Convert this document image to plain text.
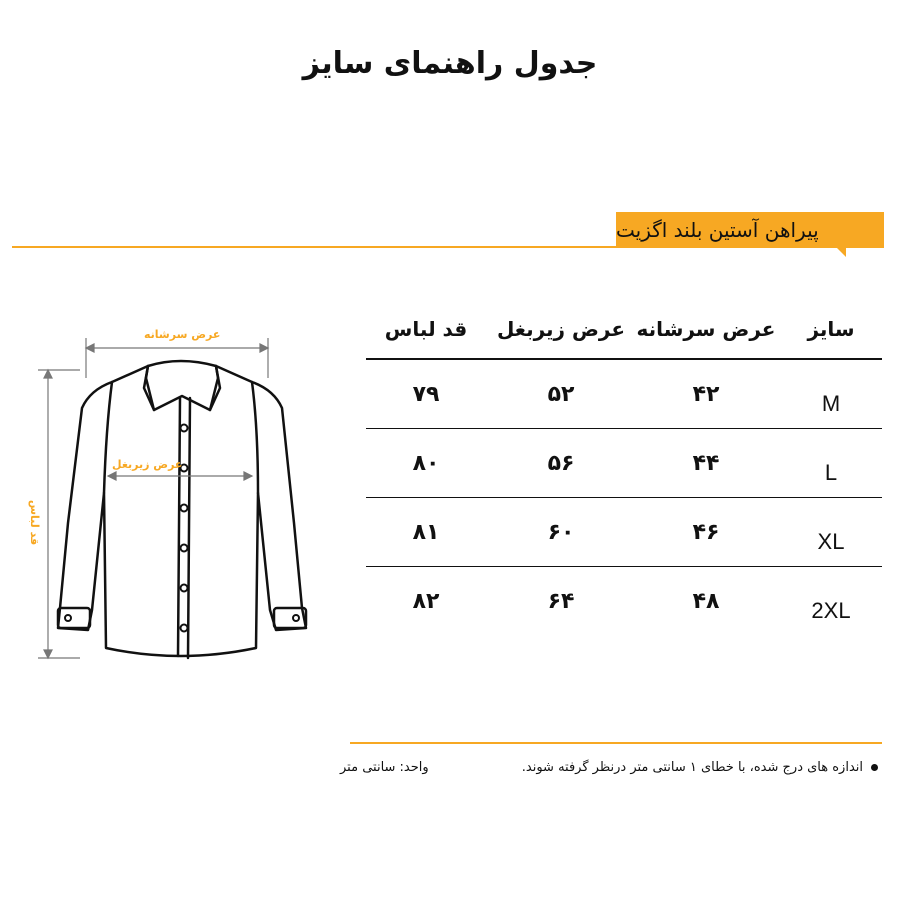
جدول راهنمای سایز
پیراهن آستین بلند اگزیت
عرض سرشانه
عرض زیربغل
قد لباس
سایز
عرض سرشانه
عرض زیربغل
قد لباس
M
۴۲
۵۲
۷۹
L
۴۴
۵۶
۸۰
XL
۴۶
۶۰
۸۱
2XL
۴۸
۶۴
۸۲
اندازه های درج شده، با خطای ۱ سانتی متر درنظر گرفته شوند.
واحد: سانتی متر
